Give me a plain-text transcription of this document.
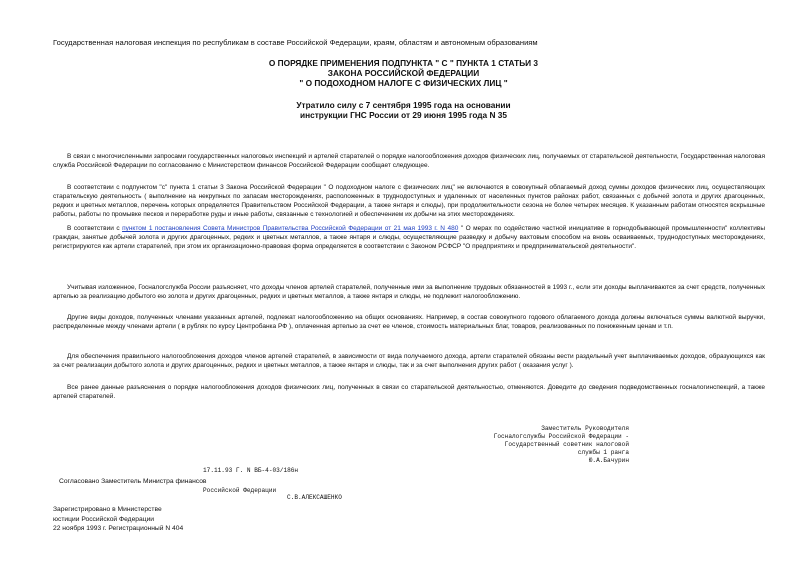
Государственная налоговая инспекция по республикам в составе Российской Федерации, краям, областям и автономным образованиям
О ПОРЯДКЕ ПРИМЕНЕНИЯ ПОДПУНКТА " С " ПУНКТА 1 СТАТЬИ 3
ЗАКОНА РОССИЙСКОЙ ФЕДЕРАЦИИ
" О ПОДОХОДНОМ НАЛОГЕ С ФИЗИЧЕСКИХ ЛИЦ "
Утратило силу с 7 сентября 1995 года на основании
инструкции ГНС России от 29 июня 1995 года N 35

В связи с многочисленными запросами государственных налоговых инспекций и артелей старателей о порядке налогообложения доходов физических лиц, получаемых от старательской деятельности, Государственная налоговая служба Российской Федерации по согласованию с Министерством финансов Российской Федерации сообщает следующее.

В соответствии с подпунктом "с" пункта 1 статьи 3 Закона Российской Федерации " О подоходном налоге с физических лиц" не включаются в совокупный облагаемый доход суммы доходов физических лиц, осуществляющих старательскую деятельность ( выполнение на некрупных по запасам месторождениях, расположенных в труднодоступных и удаленных от населенных пунктов районах работ, связанных с добычей золота и других драгоценных, редких и цветных металлов, перечень которых определяется Правительством Российской Федерации, а также янтаря и слюды), при продолжительности сезона не более четырех месяцев. К указанным работам относятся вскрышные работы, работы по промывке песков и переработке руды и иные работы, связанные с технологией и обеспечением их добычи на этих месторождениях.

В соответствии с пунктом 1 постановления Совета Министров Правительства Российской Федерации от 21 мая 1993 г. N 480 " О мерах по содействию частной инициативе в горнодобывающей промышленности" коллективы граждан, занятые добычей золота и других драгоценных, редких и цветных металлов, а также янтаря и слюды, осуществляющие разведку и добычу вахтовым способом на вновь осваиваемых, труднодоступных месторождениях, регистрируются как артели старателей, при этом их организационно-правовая форма определяется в соответствии с Законом РСФСР "О предприятиях и предпринимательской деятельности".

Учитывая изложенное, Госналогслужба России разъясняет, что доходы членов артелей старателей, полученные ими за выполнение трудовых обязанностей в 1993 г., если эти доходы выплачиваются за счет средств, полученных артелью за реализацию добытого ею золота и других драгоценных, редких и цветных металлов, а также янтаря и слюды, не подлежит налогообложению.

Другие виды доходов, полученных членами указанных артелей, подлежат налогообложению на общих основаниях. Например, в состав совокупного годового облагаемого дохода должны включаться суммы валютной выручки, распределенные между членами артели ( в рублях по курсу Центробанка РФ ), оплаченная артелью за счет ее членов, стоимость материальных благ, товаров, реализованных по пониженным ценам и т.п.

Для обеспечения правильного налогообложения доходов членов артелей старателей, в зависимости от вида получаемого дохода, артели старателей обязаны вести раздельный учет выплачиваемых доходов, образующихся как за счет реализации добытого золота и других драгоценных, редких и цветных металлов, а также янтаря и слюды, так и за счет выполнения других работ ( оказания услуг ).

Все ранее данные разъяснения о порядке налогообложения доходов физических лиц, полученных в связи со старательской деятельностью, отменяются. Доведите до сведения подведомственных госналогинспекций, а также артелей старателей.

Заместитель Руководителя
Госналогслужбы Российской Федерации -
Государственный советник налоговой
службы 1 ранга
Ю.А.Бачурин
17.11.93 Г. N ВБ-4-03/186н
Согласовано Заместитель Министра финансов
Российской Федерации
С.В.АЛЕКСАШЕНКО
Зарегистрировано в Министерстве
юстиции Российской Федерации
22 ноября 1993 г. Регистрационный N 404
